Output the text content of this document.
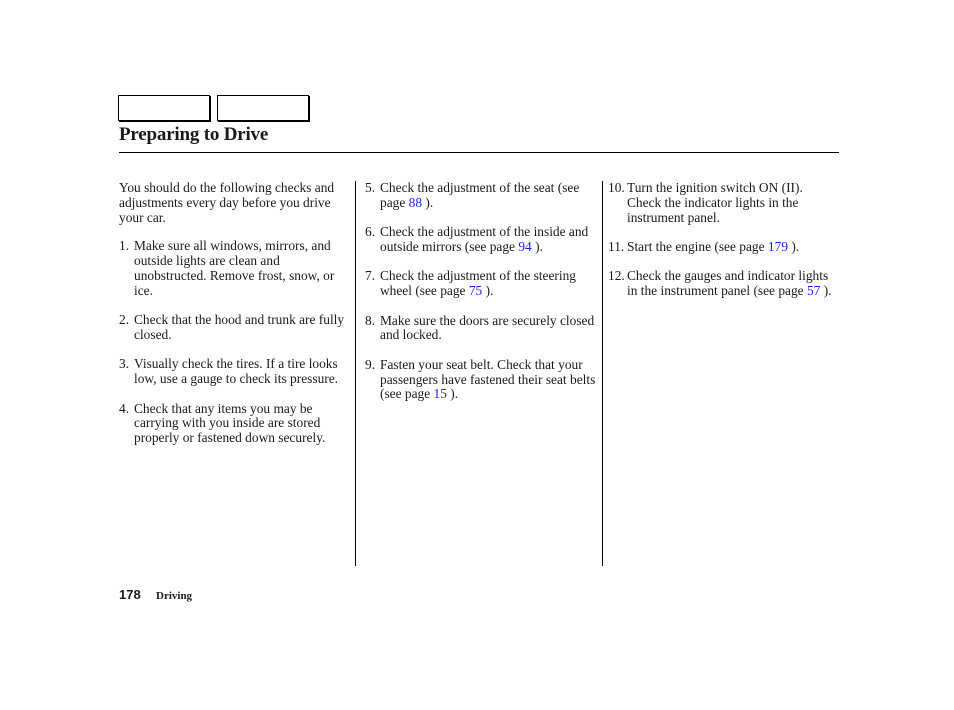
Preparing to Drive

You should do the following checks and adjustments every day before you drive your car.

1. Make sure all windows, mirrors, and outside lights are clean and unobstructed. Remove frost, snow, or ice.
2. Check that the hood and trunk are fully closed.
3. Visually check the tires. If a tire looks low, use a gauge to check its pressure.
4. Check that any items you may be carrying with you inside are stored properly or fastened down securely.
5. Check the adjustment of the seat (see page 88 ).
6. Check the adjustment of the inside and outside mirrors (see page 94 ).
7. Check the adjustment of the steering wheel (see page 75 ).
8. Make sure the doors are securely closed and locked.
9. Fasten your seat belt. Check that your passengers have fastened their seat belts (see page 15 ).
10. Turn the ignition switch ON (II). Check the indicator lights in the instrument panel.
11. Start the engine (see page 179 ).
12. Check the gauges and indicator lights in the instrument panel (see page 57 ).
178 Driving
